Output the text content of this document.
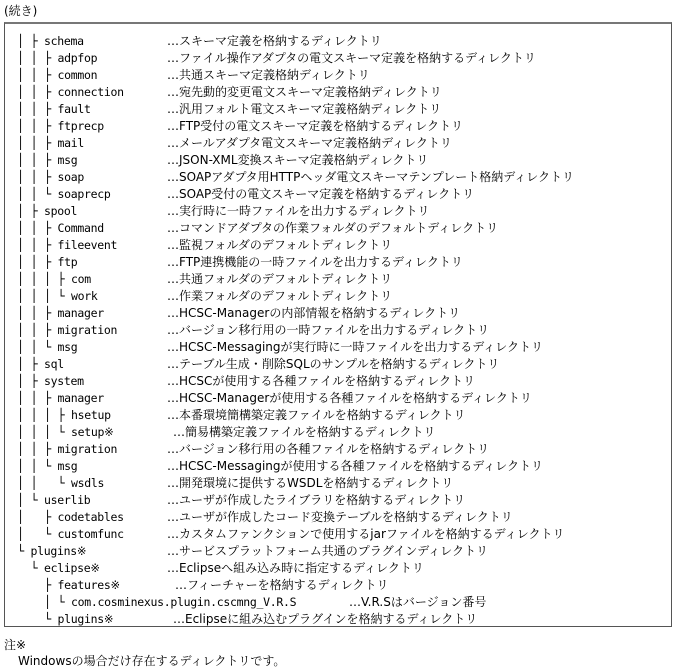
(続き)
│ ├ schema	…スキーマ定義を格納するディレクトリ
│ │ ├ adpfop	…ファイル操作アダプタの電文スキーマ定義を格納するディレクトリ
│ │ ├ common	…共通スキーマ定義格納ディレクトリ
│ │ ├ connection	…宛先動的変更電文スキーマ定義格納ディレクトリ
│ │ ├ fault	…汎用フォルト電文スキーマ定義格納ディレクトリ
│ │ ├ ftprecp	…FTP受付の電文スキーマ定義を格納するディレクトリ
│ │ ├ mail	…メールアダプタ電文スキーマ定義格納ディレクトリ
│ │ ├ msg	…JSON-XML変換スキーマ定義格納ディレクトリ
│ │ ├ soap	…SOAPアダプタ用HTTPヘッダ電文スキーマテンプレート格納ディレクトリ
│ │ └ soaprecp	…SOAP受付の電文スキーマ定義を格納するディレクトリ
│ ├ spool	…実行時に一時ファイルを出力するディレクトリ
│ │ ├ Command	…コマンドアダプタの作業フォルダのデフォルトディレクトリ
│ │ ├ fileevent	…監視フォルダのデフォルトディレクトリ
│ │ ├ ftp	…FTP連携機能の一時ファイルを出力するディレクトリ
│ │ │ ├ com	…共通フォルダのデフォルトディレクトリ
│ │ │ └ work	…作業フォルダのデフォルトディレクトリ
│ │ ├ manager	…HCSC-Managerの内部情報を格納するディレクトリ
│ │ ├ migration	…バージョン移行用の一時ファイルを出力するディレクトリ
│ │ └ msg	…HCSC-Messagingが実行時に一時ファイルを出力するディレクトリ
│ ├ sql	…テーブル生成・削除SQLのサンプルを格納するディレクトリ
│ ├ system	…HCSCが使用する各種ファイルを格納するディレクトリ
│ │ ├ manager	…HCSC-Managerが使用する各種ファイルを格納するディレクトリ
│ │ │ ├ hsetup	…本番環境簡構築定義ファイルを格納するディレクトリ
│ │ │ └ setup※	…簡易構築定義ファイルを格納するディレクトリ
│ │ ├ migration	…バージョン移行用の各種ファイルを格納するディレクトリ
│ │ └ msg	…HCSC-Messagingが使用する各種ファイルを格納するディレクトリ
│ │	└ wsdls	…開発環境に提供するWSDLを格納するディレクトリ
│ └ userlib	…ユーザが作成したライブラリを格納するディレクトリ
│	├ codetables	…ユーザが作成したコード変換テーブルを格納するディレクトリ
│	└ customfunc	…カスタムファンクションで使用するjarファイルを格納するディレクトリ
└ plugins※	…サービスプラットフォーム共通のプラグインディレクトリ
└ eclipse※	…Eclipseへ組み込み時に指定するディレクトリ
├ features※	…フィーチャーを格納するディレクトリ
│ └ com.cosminexus.plugin.cscmng_V.R.S	…V.R.Sはバージョン番号
└ plugins※	…Eclipseに組み込むプラグインを格納するディレクトリ
注※
Windowsの場合だけ存在するディレクトリです。
